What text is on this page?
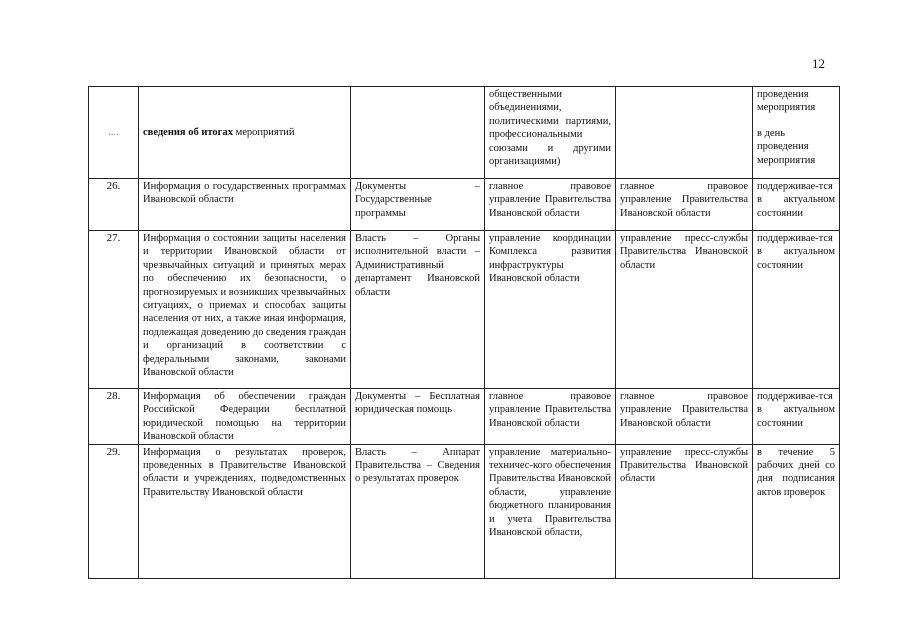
12
....	сведения об итогах мероприятий		общественными объединениями, политическими партиями, профессиональными союзами и другими организациями)		проведения мероприятия
в день проведения мероприятия

26.	Информация о государственных программах Ивановской области	Документы – Государственные программы	главное правовое управление Правительства Ивановской области	главное правовое управление Правительства Ивановской области	поддерживае-тся в актуальном состоянии
27.	Информация о состоянии защиты населения и территории Ивановской области от чрезвычайных ситуаций и принятых мерах по обеспечению их безопасности, о прогнозируемых и возникших чрезвычайных ситуациях, о приемах и способах защиты населения от них, а также иная информация, подлежащая доведению до сведения граждан и организаций в соответствии с федеральными законами, законами Ивановской области	Власть – Органы исполнительной власти – Административный департамент Ивановской области	управление координации Комплекса развития инфраструктуры Ивановской области	управление пресс-службы Правительства Ивановской области	поддерживае-тся в актуальном состоянии
28.	Информация об обеспечении граждан Российской Федерации бесплатной юридической помощью на территории Ивановской области	Документы – Бесплатная юридическая помощь	главное правовое управление Правительства Ивановской области	главное правовое управление Правительства Ивановской области	поддерживае-тся в актуальном состоянии
29.	Информация о результатах проверок, проведенных в Правительстве Ивановской области и учреждениях, подведомственных Правительству Ивановской области	Власть – Аппарат Правительства – Сведения о результатах проверок	управление материально-техничес-кого обеспечения Правительства Ивановской области, управление бюджетного планирования и учета Правительства Ивановской области,	управление пресс-службы Правительства Ивановской области	в течение 5 рабочих дней со дня подписания актов проверок
